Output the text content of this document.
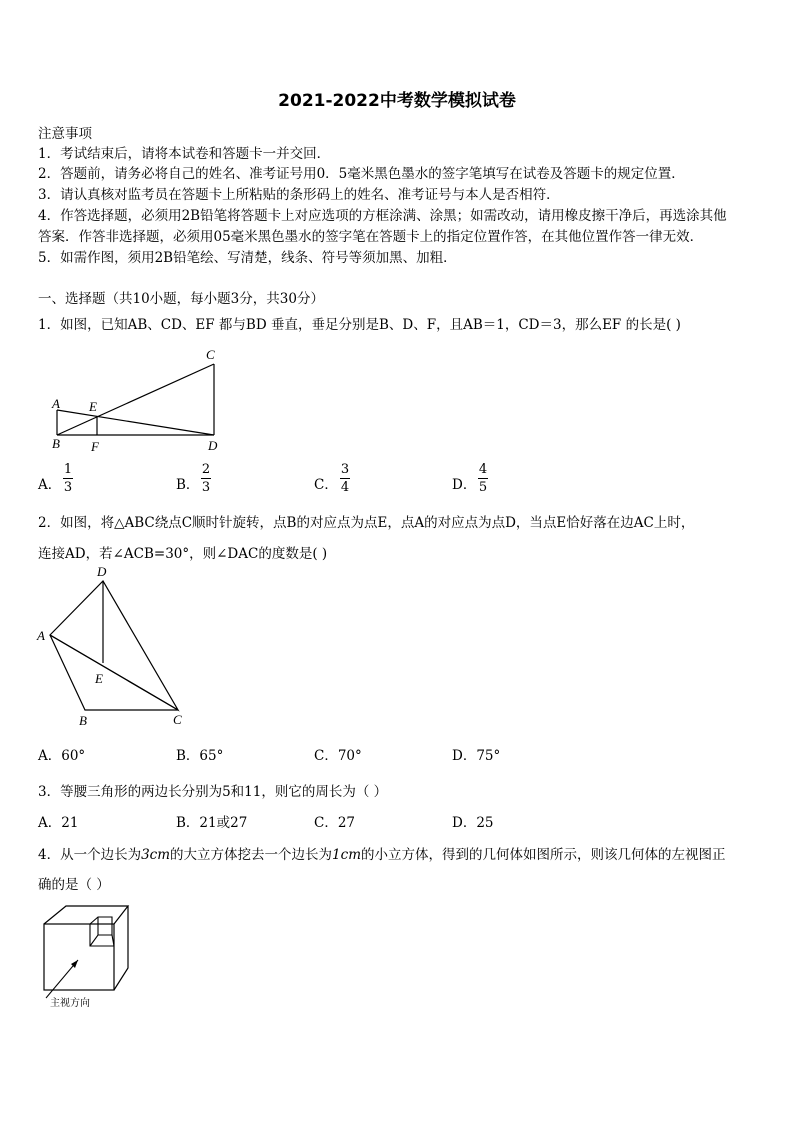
2021-2022中考数学模拟试卷
注意事项
1．考试结束后，请将本试卷和答题卡一并交回．
2．答题前，请务必将自己的姓名、准考证号用0．5毫米黑色墨水的签字笔填写在试卷及答题卡的规定位置．
3．请认真核对监考员在答题卡上所粘贴的条形码上的姓名、准考证号与本人是否相符．
4．作答选择题，必须用2B铅笔将答题卡上对应选项的方框涂满、涂黑；如需改动，请用橡皮擦干净后，再选涂其他
答案．作答非选择题，必须用05毫米黑色墨水的签字笔在答题卡上的指定位置作答，在其他位置作答一律无效．
5．如需作图，须用2B铅笔绘、写清楚，线条、符号等须加黑、加粗．
一、选择题（共10小题，每小题3分，共30分）
1．如图，已知AB、CD、EF 都与BD 垂直，垂足分别是B、D、F，且AB＝1，CD＝3，那么EF 的长是( )
A
B
C
D
E
F
A．
1
3	B．
2
3	C．
3
4	D．
4
5
2．如图，将△ABC绕点C顺时针旋转，点B的对应点为点E，点A的对应点为点D，当点E恰好落在边AC上时，
连接AD，若∠ACB=30°，则∠DAC的度数是( )
A
B	C
D
E
A．60°	B．65°	C．70°	D．75°
3．等腰三角形的两边长分别为5和11，则它的周长为（ ）
A．21	B．21或27	C．27	D．25
4．从一个边长为3cm的大立方体挖去一个边长为1cm的小立方体，得到的几何体如图所示，则该几何体的左视图正
确的是（ ）
主视方向
